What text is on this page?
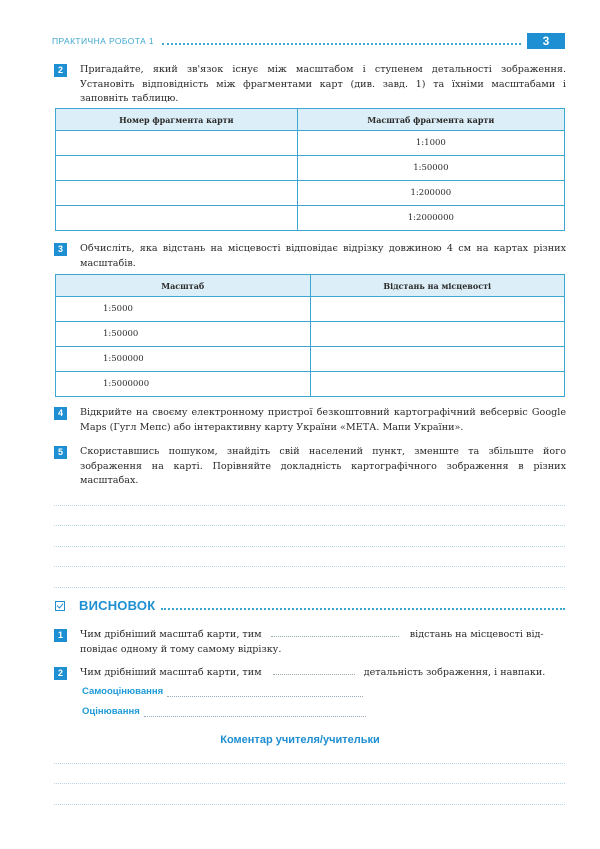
ПРАКТИЧНА РОБОТА 1	3
2	Пригадайте, який зв'язок існує між масштабом і ступенем детальності зображення. Установіть відповідність між фрагментами карт (див. завд. 1) та їхніми масштабами і заповніть таблицю.
Номер фрагмента карти	Масштаб фрагмента карти
	1:1000
	1:50000
	1:200000
	1:2000000
3	Обчисліть, яка відстань на місцевості відповідає відрізку довжиною 4 см на картах різних масштабів.
Масштаб	Відстань на місцевості
1:5000	
1:50000	
1:500000	
1:5000000	
4	Відкрийте на своєму електронному пристрої безкоштовний картографічний вебсервіс Google Maps (Гугл Мепс) або інтерактивну карту України «МЕТА. Мапи України».
5	Скориставшись пошуком, знайдіть свій населений пункт, зменште та збільште його зображення на карті. Порівняйте докладність картографічного зображення в різних масштабах.
ВИСНОВОК
1	Чим дрібніший масштаб карти, тим	відстань на місцевості від-
повідає одному й тому самому відрізку.
2	Чим дрібніший масштаб карти, тим	детальність зображення, і навпаки.
Самооцінювання
Оцінювання
Коментар учителя/учительки
